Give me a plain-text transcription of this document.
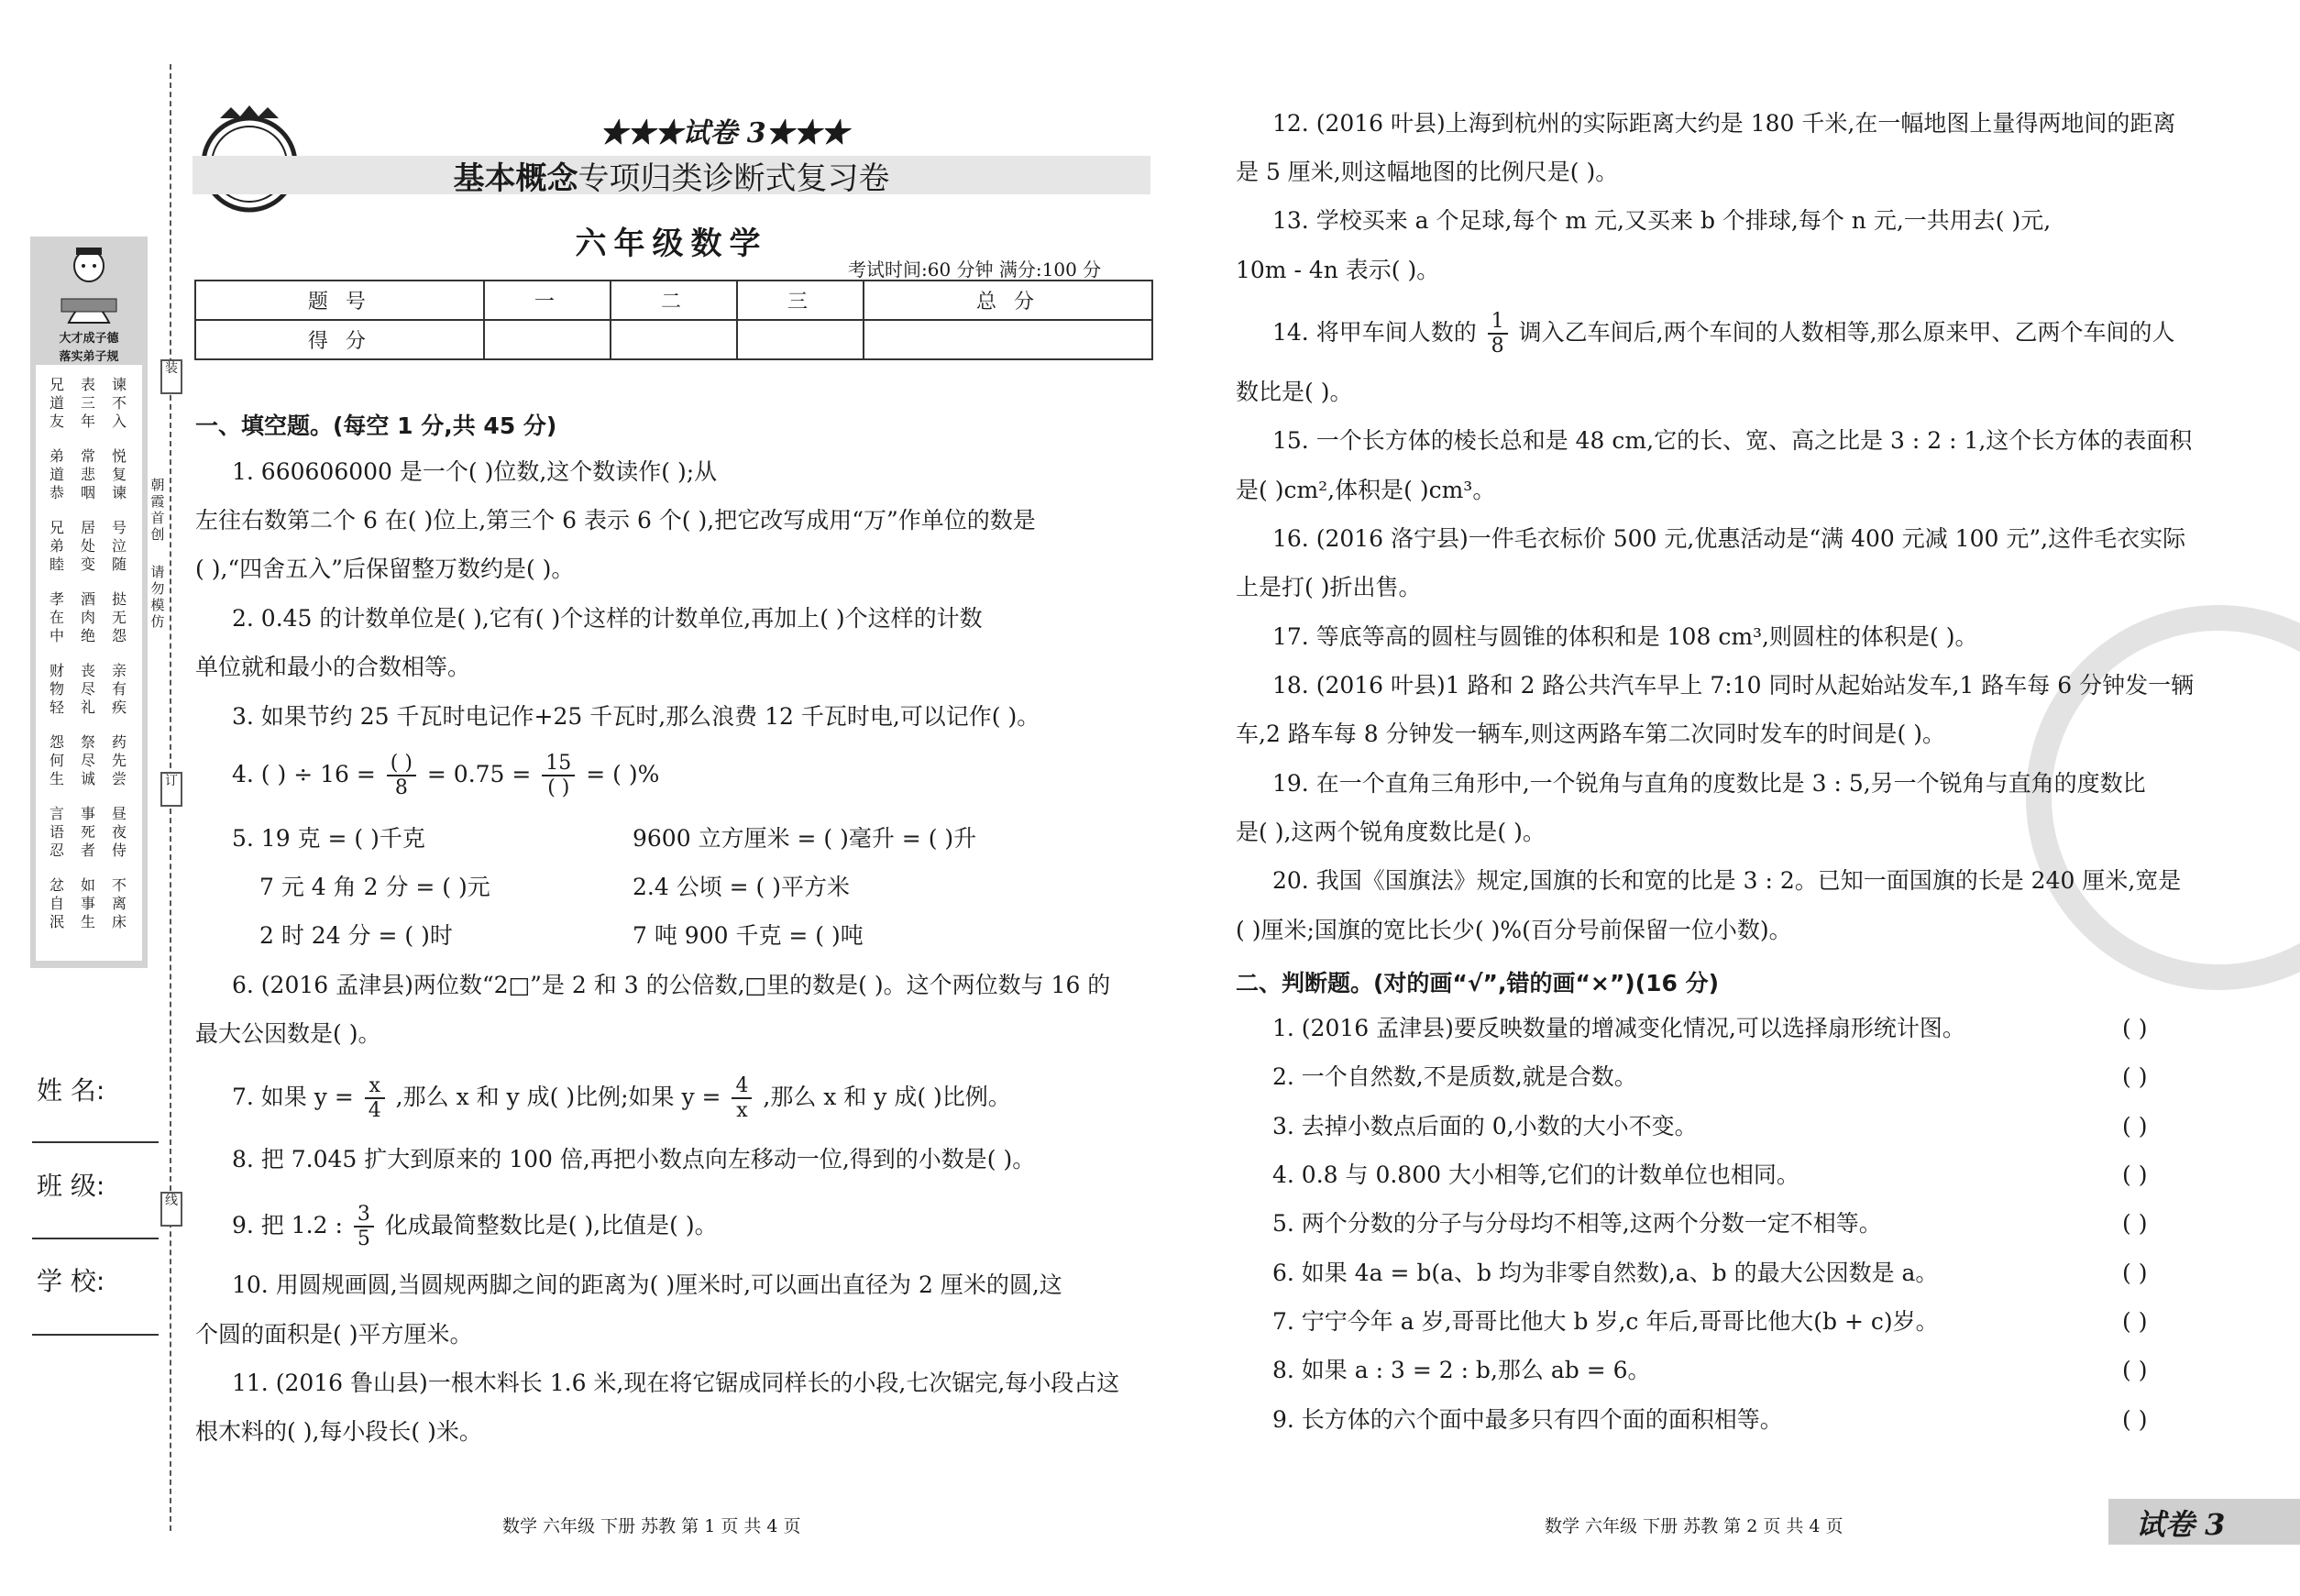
装
订
线
朝霞首创
请勿模仿
大才成子德
落实弟子规
兄
道
友
表
三
年
谏
不
入
弟
道
恭
常
悲
咽
悦
复
谏
兄
弟
睦
居
处
变
号
泣
随
孝
在
中
酒
肉
绝
挞
无
怨
财
物
轻
丧
尽
礼
亲
有
疾
怨
何
生
祭
尽
诚
药
先
尝
言
语
忍
事
死
者
昼
夜
侍
忿
自
泯
如
事
生
不
离
床
姓 名:
班 级:
学 校:
★★★试卷 3★★★
基本概念专项归类诊断式复习卷
六年级数学
考试时间:60 分钟 满分:100 分
题 号	一	二	三	总 分
得 分				
一、填空题。(每空 1 分,共 45 分)
1. 660606000 是一个( )位数,这个数读作( );从
左往右数第二个 6 在( )位上,第三个 6 表示 6 个( ),把它改写成用“万”作单位的数是
( ),“四舍五入”后保留整万数约是( )。
2. 0.45 的计数单位是( ),它有( )个这样的计数单位,再加上( )个这样的计数
单位就和最小的合数相等。
3. 如果节约 25 千瓦时电记作+25 千瓦时,那么浪费 12 千瓦时电,可以记作( )。
4. ( ) ÷ $16 = \frac{( )}{8} = 0.75 = \frac{15}{( )}$ = ( )%
5. 19 克 = ( )千克	9600 立方厘米 = ( )毫升 = ( )升
7 元 4 角 2 分 = ( )元	2.4 公顷 = ( )平方米
2 时 24 分 = ( )时	7 吨 900 千克 = ( )吨
6. (2016 孟津县)两位数“2□”是 2 和 3 的公倍数,□里的数是( )。这个两位数与 16 的
最大公因数是( )。
7. 如果 $y = \frac{x}{4}$ ,那么 x 和 y 成( )比例;如果 $y = \frac{4}{x}$ ,那么 x 和 y 成( )比例。
8. 把 7.045 扩大到原来的 100 倍,再把小数点向左移动一位,得到的小数是( )。
9. 把 1.2 : $\frac{3}{5}$ 化成最简整数比是( ),比值是( )。
10. 用圆规画圆,当圆规两脚之间的距离为( )厘米时,可以画出直径为 2 厘米的圆,这
个圆的面积是( )平方厘米。
11. (2016 鲁山县)一根木料长 1.6 米,现在将它锯成同样长的小段,七次锯完,每小段占这
根木料的( ),每小段长( )米。
数学 六年级 下册 苏教 第 1 页 共 4 页
12. (2016 叶县)上海到杭州的实际距离大约是 180 千米,在一幅地图上量得两地间的距离
是 5 厘米,则这幅地图的比例尺是( )。
13. 学校买来 a 个足球,每个 m 元,又买来 b 个排球,每个 n 元,一共用去( )元,
10m - 4n 表示( )。
14. 将甲车间人数的 $\frac{1}{8}$ 调入乙车间后,两个车间的人数相等,那么原来甲、乙两个车间的人
数比是( )。
15. 一个长方体的棱长总和是 48 cm,它的长、宽、高之比是 3 : 2 : 1,这个长方体的表面积
是( )cm²,体积是( )cm³。
16. (2016 洛宁县)一件毛衣标价 500 元,优惠活动是“满 400 元减 100 元”,这件毛衣实际
上是打( )折出售。
17. 等底等高的圆柱与圆锥的体积和是 108 cm³,则圆柱的体积是( )。
18. (2016 叶县)1 路和 2 路公共汽车早上 7:10 同时从起始站发车,1 路车每 6 分钟发一辆
车,2 路车每 8 分钟发一辆车,则这两路车第二次同时发车的时间是( )。
19. 在一个直角三角形中,一个锐角与直角的度数比是 3 : 5,另一个锐角与直角的度数比
是( ),这两个锐角度数比是( )。
20. 我国《国旗法》规定,国旗的长和宽的比是 3 : 2。已知一面国旗的长是 240 厘米,宽是
( )厘米;国旗的宽比长少( )%(百分号前保留一位小数)。
二、判断题。(对的画“√”,错的画“×”)(16 分)
1. (2016 孟津县)要反映数量的增减变化情况,可以选择扇形统计图。	( )
2. 一个自然数,不是质数,就是合数。	( )
3. 去掉小数点后面的 0,小数的大小不变。	( )
4. 0.8 与 0.800 大小相等,它们的计数单位也相同。	( )
5. 两个分数的分子与分母均不相等,这两个分数一定不相等。	( )
6. 如果 4a = b(a、b 均为非零自然数),a、b 的最大公因数是 a。	( )
7. 宁宁今年 a 岁,哥哥比他大 b 岁,c 年后,哥哥比他大(b + c)岁。	( )
8. 如果 a : 3 = 2 : b,那么 ab = 6。	( )
9. 长方体的六个面中最多只有四个面的面积相等。	( )
数学 六年级 下册 苏教 第 2 页 共 4 页	试卷 3
